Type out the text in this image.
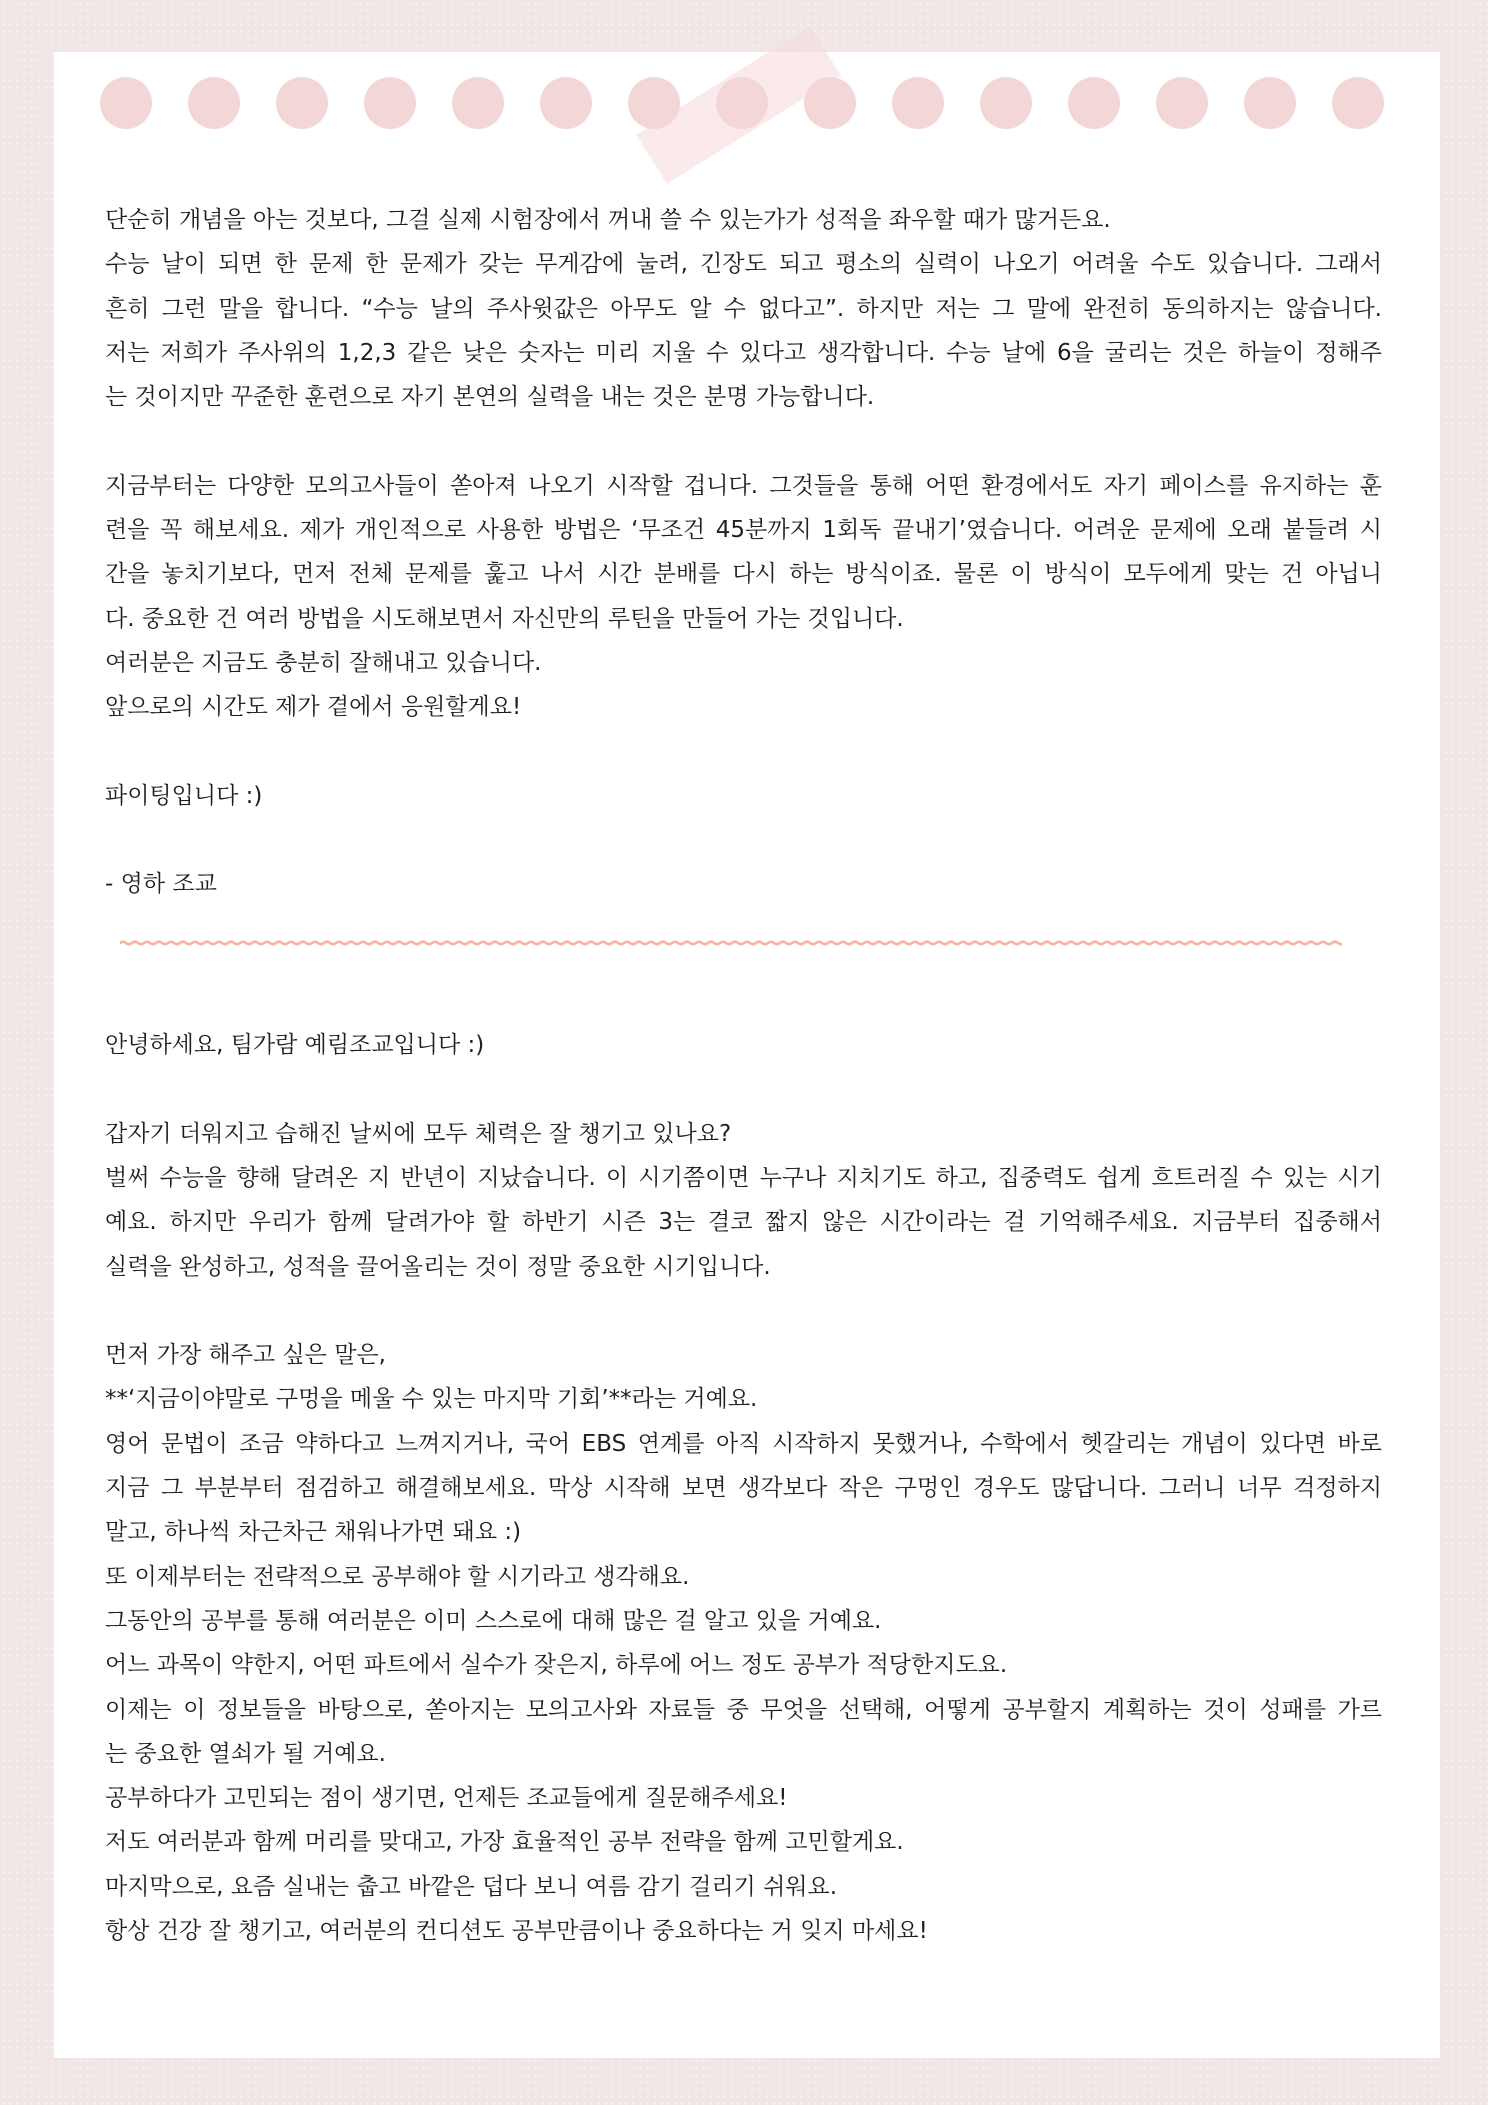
단순히 개념을 아는 것보다, 그걸 실제 시험장에서 꺼내 쓸 수 있는가가 성적을 좌우할 때가 많거든요.
수능 날이 되면 한 문제 한 문제가 갖는 무게감에 눌려, 긴장도 되고 평소의 실력이 나오기 어려울 수도 있습니다. 그래서
흔히 그런 말을 합니다. “수능 날의 주사윗값은 아무도 알 수 없다고”. 하지만 저는 그 말에 완전히 동의하지는 않습니다.
저는 저희가 주사위의 1,2,3 같은 낮은 숫자는 미리 지울 수 있다고 생각합니다. 수능 날에 6을 굴리는 것은 하늘이 정해주
는 것이지만 꾸준한 훈련으로 자기 본연의 실력을 내는 것은 분명 가능합니다.
지금부터는 다양한 모의고사들이 쏟아져 나오기 시작할 겁니다. 그것들을 통해 어떤 환경에서도 자기 페이스를 유지하는 훈
련을 꼭 해보세요. 제가 개인적으로 사용한 방법은 ‘무조건 45분까지 1회독 끝내기’였습니다. 어려운 문제에 오래 붙들려 시
간을 놓치기보다, 먼저 전체 문제를 훑고 나서 시간 분배를 다시 하는 방식이죠. 물론 이 방식이 모두에게 맞는 건 아닙니
다. 중요한 건 여러 방법을 시도해보면서 자신만의 루틴을 만들어 가는 것입니다.
여러분은 지금도 충분히 잘해내고 있습니다.
앞으로의 시간도 제가 곁에서 응원할게요!
파이팅입니다 :)
- 영하 조교
안녕하세요, 팀가람 예림조교입니다 :)
갑자기 더워지고 습해진 날씨에 모두 체력은 잘 챙기고 있나요?
벌써 수능을 향해 달려온 지 반년이 지났습니다. 이 시기쯤이면 누구나 지치기도 하고, 집중력도 쉽게 흐트러질 수 있는 시기
예요. 하지만 우리가 함께 달려가야 할 하반기 시즌 3는 결코 짧지 않은 시간이라는 걸 기억해주세요. 지금부터 집중해서
실력을 완성하고, 성적을 끌어올리는 것이 정말 중요한 시기입니다.
먼저 가장 해주고 싶은 말은,
**‘지금이야말로 구멍을 메울 수 있는 마지막 기회’**라는 거예요.
영어 문법이 조금 약하다고 느껴지거나, 국어 EBS 연계를 아직 시작하지 못했거나, 수학에서 헷갈리는 개념이 있다면 바로
지금 그 부분부터 점검하고 해결해보세요. 막상 시작해 보면 생각보다 작은 구멍인 경우도 많답니다. 그러니 너무 걱정하지
말고, 하나씩 차근차근 채워나가면 돼요 :)
또 이제부터는 전략적으로 공부해야 할 시기라고 생각해요.
그동안의 공부를 통해 여러분은 이미 스스로에 대해 많은 걸 알고 있을 거예요.
어느 과목이 약한지, 어떤 파트에서 실수가 잦은지, 하루에 어느 정도 공부가 적당한지도요.
이제는 이 정보들을 바탕으로, 쏟아지는 모의고사와 자료들 중 무엇을 선택해, 어떻게 공부할지 계획하는 것이 성패를 가르
는 중요한 열쇠가 될 거예요.
공부하다가 고민되는 점이 생기면, 언제든 조교들에게 질문해주세요!
저도 여러분과 함께 머리를 맞대고, 가장 효율적인 공부 전략을 함께 고민할게요.
마지막으로, 요즘 실내는 춥고 바깥은 덥다 보니 여름 감기 걸리기 쉬워요.
항상 건강 잘 챙기고, 여러분의 컨디션도 공부만큼이나 중요하다는 거 잊지 마세요!
